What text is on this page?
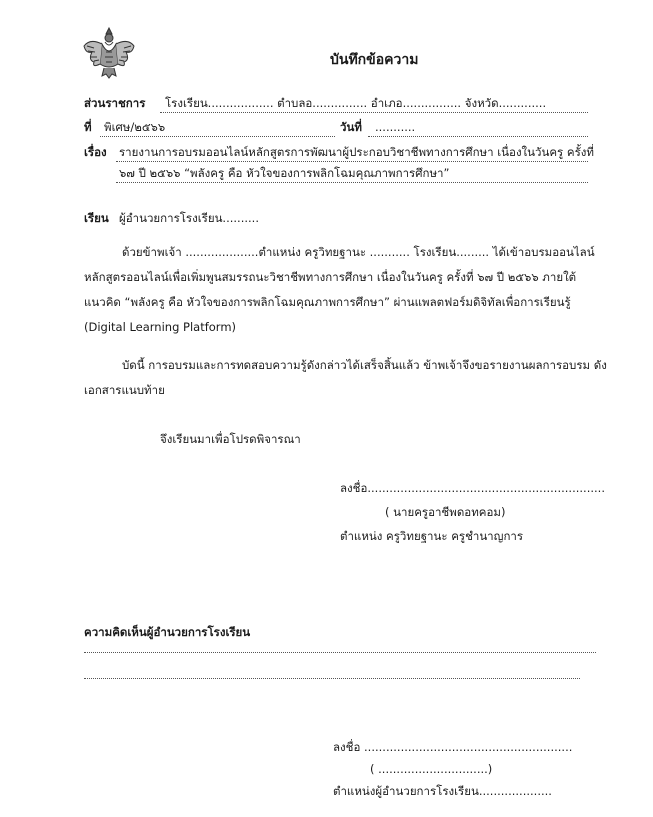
บันทึกข้อความ
ส่วนราชการ โรงเรียน.................. ตำบลอ............... อำเภอ................ จังหวัด.............
ที่ พิเศษ/๒๕๖๖	วันที่ ...........
เรื่อง รายงานการอบรมออนไลน์หลักสูตรการพัฒนาผู้ประกอบวิชาชีพทางการศึกษา เนื่องในวันครู ครั้งที่
๖๗ ปี ๒๕๖๖ “พลังครู คือ หัวใจของการพลิกโฉมคุณภาพการศึกษา”
เรียน ผู้อำนวยการโรงเรียน..........
ด้วยข้าพเจ้า ....................ตำแหน่ง ครูวิทยฐานะ ........... โรงเรียน......... ได้เข้าอบรมออนไลน์
หลักสูตรออนไลน์เพื่อเพิ่มพูนสมรรถนะวิชาชีพทางการศึกษา เนื่องในวันครู ครั้งที่ ๖๗ ปี ๒๕๖๖ ภายใต้
แนวคิด “พลังครู คือ หัวใจของการพลิกโฉมคุณภาพการศึกษา” ผ่านแพลตฟอร์มดิจิทัลเพื่อการเรียนรู้
(Digital Learning Platform)
บัดนี้ การอบรมและการทดสอบความรู้ดังกล่าวได้เสร็จสิ้นแล้ว ข้าพเจ้าจึงขอรายงานผลการอบรม ดัง
เอกสารแนบท้าย
จึงเรียนมาเพื่อโปรดพิจารณา
ลงชื่อ.................................................................
( นายครูอาชีพดอทคอม)
ตำแหน่ง ครูวิทยฐานะ ครูชำนาญการ
ความคิดเห็นผู้อำนวยการโรงเรียน
ลงชื่อ .........................................................
( ..............................)
ตำแหน่งผู้อำนวยการโรงเรียน....................
